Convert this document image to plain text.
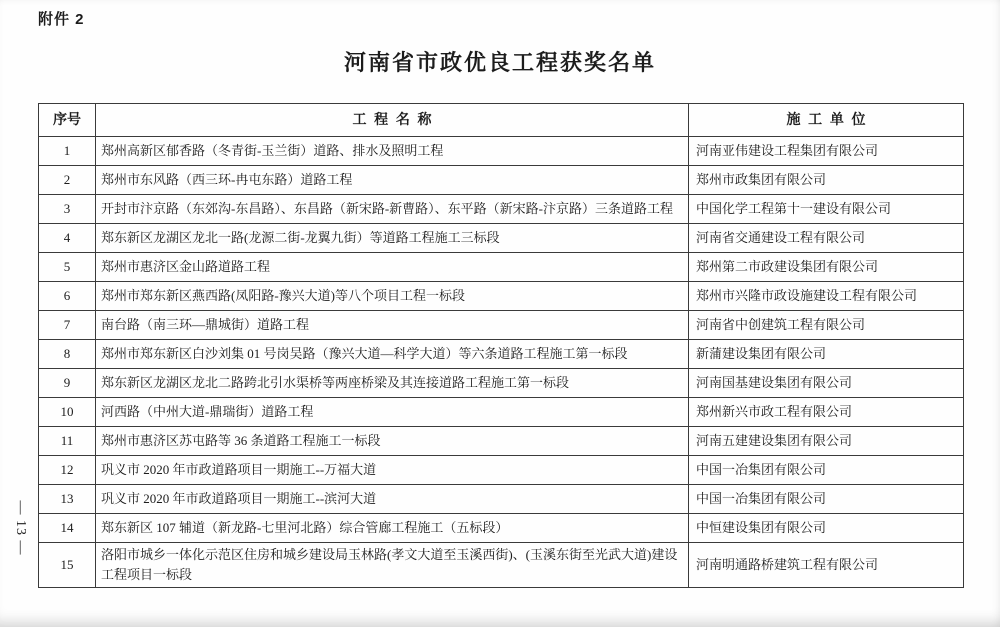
附件 2
河南省市政优良工程获奖名单
序号	工程名称	施工单位
1	郑州高新区郁香路（冬青街-玉兰街）道路、排水及照明工程	河南亚伟建设工程集团有限公司
2	郑州市东风路（西三环-冉屯东路）道路工程	郑州市政集团有限公司
3	开封市汴京路（东郊沟-东昌路）、东昌路（新宋路-新曹路）、东平路（新宋路-汴京路）三条道路工程	中国化学工程第十一建设有限公司
4	郑东新区龙湖区龙北一路(龙源二街-龙翼九街）等道路工程施工三标段	河南省交通建设工程有限公司
5	郑州市惠济区金山路道路工程	郑州第二市政建设集团有限公司
6	郑州市郑东新区燕西路(凤阳路-豫兴大道)等八个项目工程一标段	郑州市兴隆市政设施建设工程有限公司
7	南台路（南三环—鼎城街）道路工程	河南省中创建筑工程有限公司
8	郑州市郑东新区白沙刘集 01 号岗吴路（豫兴大道—科学大道）等六条道路工程施工第一标段	新蒲建设集团有限公司
9	郑东新区龙湖区龙北二路跨北引水渠桥等两座桥梁及其连接道路工程施工第一标段	河南国基建设集团有限公司
10	河西路（中州大道-鼎瑞街）道路工程	郑州新兴市政工程有限公司
11	郑州市惠济区苏屯路等 36 条道路工程施工一标段	河南五建建设集团有限公司
12	巩义市 2020 年市政道路项目一期施工--万福大道	中国一冶集团有限公司
13	巩义市 2020 年市政道路项目一期施工--滨河大道	中国一冶集团有限公司
14	郑东新区 107 辅道（新龙路-七里河北路）综合管廊工程施工（五标段）	中恒建设集团有限公司
15	洛阳市城乡一体化示范区住房和城乡建设局玉林路(孝文大道至玉溪西街)、(玉溪东街至光武大道)建设工程项目一标段	河南明通路桥建筑工程有限公司
— 13 —
